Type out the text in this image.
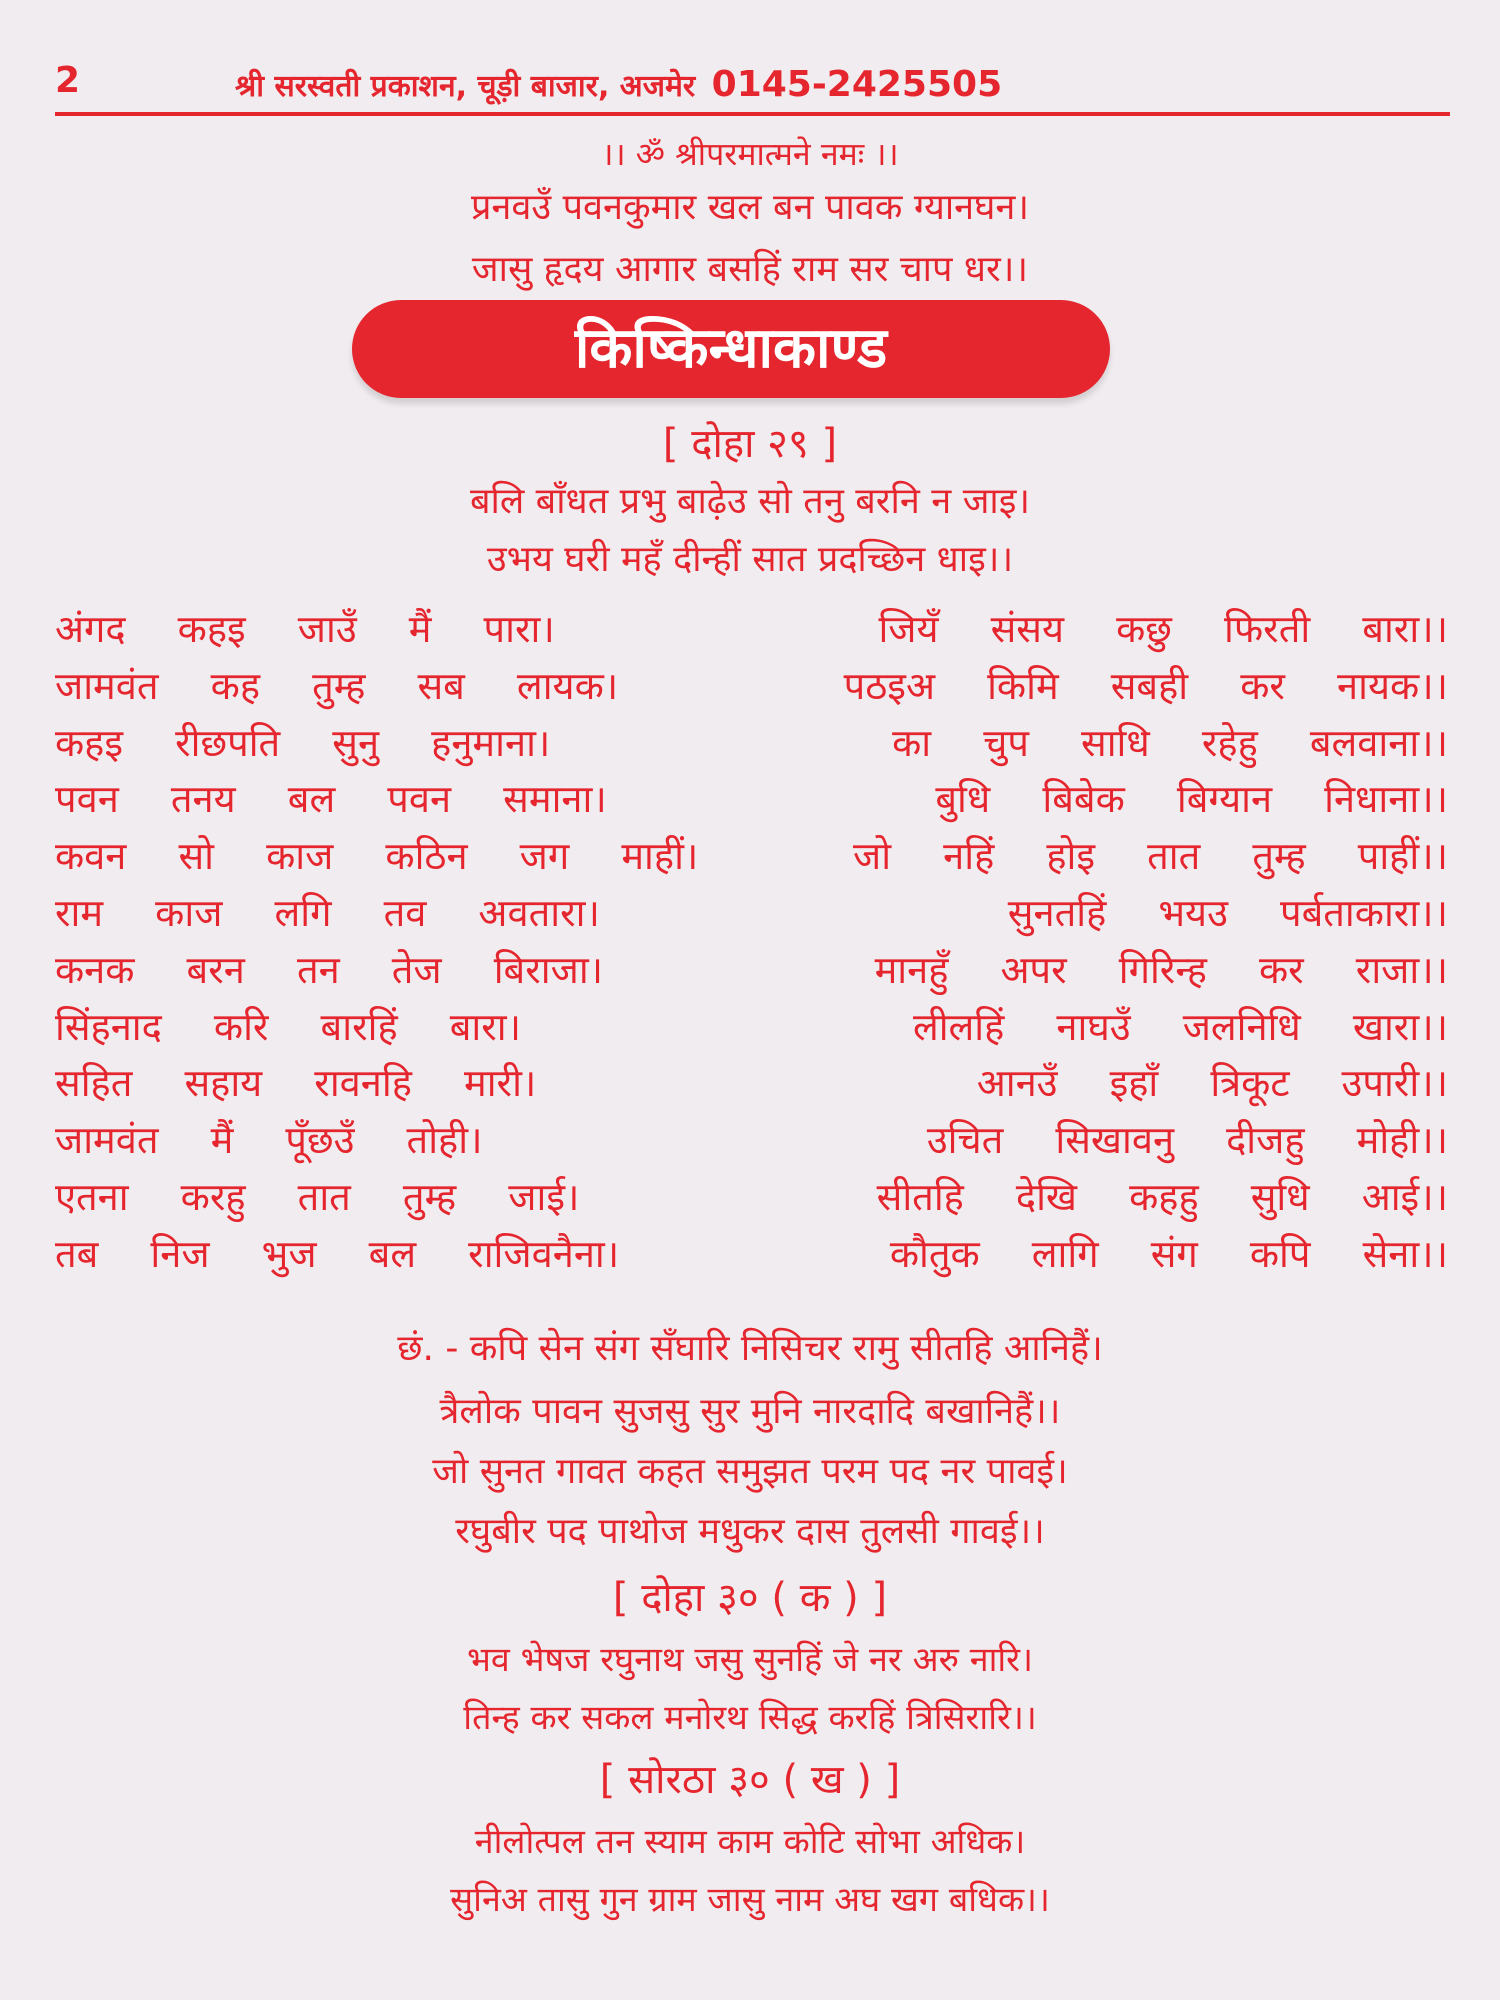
2	श्री सरस्वती प्रकाशन, चूड़ी बाजार, अजमेर 0145-2425505
।। ॐ श्रीपरमात्मने नमः ।।
प्रनवउँ पवनकुमार खल बन पावक ग्यानघन।
जासु हृदय आगार बसहिं राम सर चाप धर।।
किष्किन्धाकाण्ड
[ दोहा २९ ]
बलि बाँधत प्रभु बाढ़ेउ सो तनु बरनि न जाइ।
उभय घरी महँ दीन्हीं सात प्रदच्छिन धाइ।।
अंगद कहइ जाउँ मैं पारा।	जियँ संसय कछु फिरती बारा।।
जामवंत कह तुम्ह सब लायक।	पठइअ किमि सबही कर नायक।।
कहइ रीछपति सुनु हनुमाना।	का चुप साधि रहेहु बलवाना।।
पवन तनय बल पवन समाना।	बुधि बिबेक बिग्यान निधाना।।
कवन सो काज कठिन जग माहीं।	जो नहिं होइ तात तुम्ह पाहीं।।
राम काज लगि तव अवतारा।	सुनतहिं भयउ पर्बताकारा।।
कनक बरन तन तेज बिराजा।	मानहुँ अपर गिरिन्ह कर राजा।।
सिंहनाद करि बारहिं बारा।	लीलहिं नाघउँ जलनिधि खारा।।
सहित सहाय रावनहि मारी।	आनउँ इहाँ त्रिकूट उपारी।।
जामवंत मैं पूँछउँ तोही।	उचित सिखावनु दीजहु मोही।।
एतना करहु तात तुम्ह जाई।	सीतहि देखि कहहु सुधि आई।।
तब निज भुज बल राजिवनैना।	कौतुक लागि संग कपि सेना।।
छं. - कपि सेन संग सँघारि निसिचर रामु सीतहि आनिहैं।
त्रैलोक पावन सुजसु सुर मुनि नारदादि बखानिहैं।।
जो सुनत गावत कहत समुझत परम पद नर पावई।
रघुबीर पद पाथोज मधुकर दास तुलसी गावई।।
[ दोहा ३० ( क ) ]
भव भेषज रघुनाथ जसु सुनहिं जे नर अरु नारि।
तिन्ह कर सकल मनोरथ सिद्ध करहिं त्रिसिरारि।।
[ सोरठा ३० ( ख ) ]
नीलोत्पल तन स्याम काम कोटि सोभा अधिक।
सुनिअ तासु गुन ग्राम जासु नाम अघ खग बधिक।।
